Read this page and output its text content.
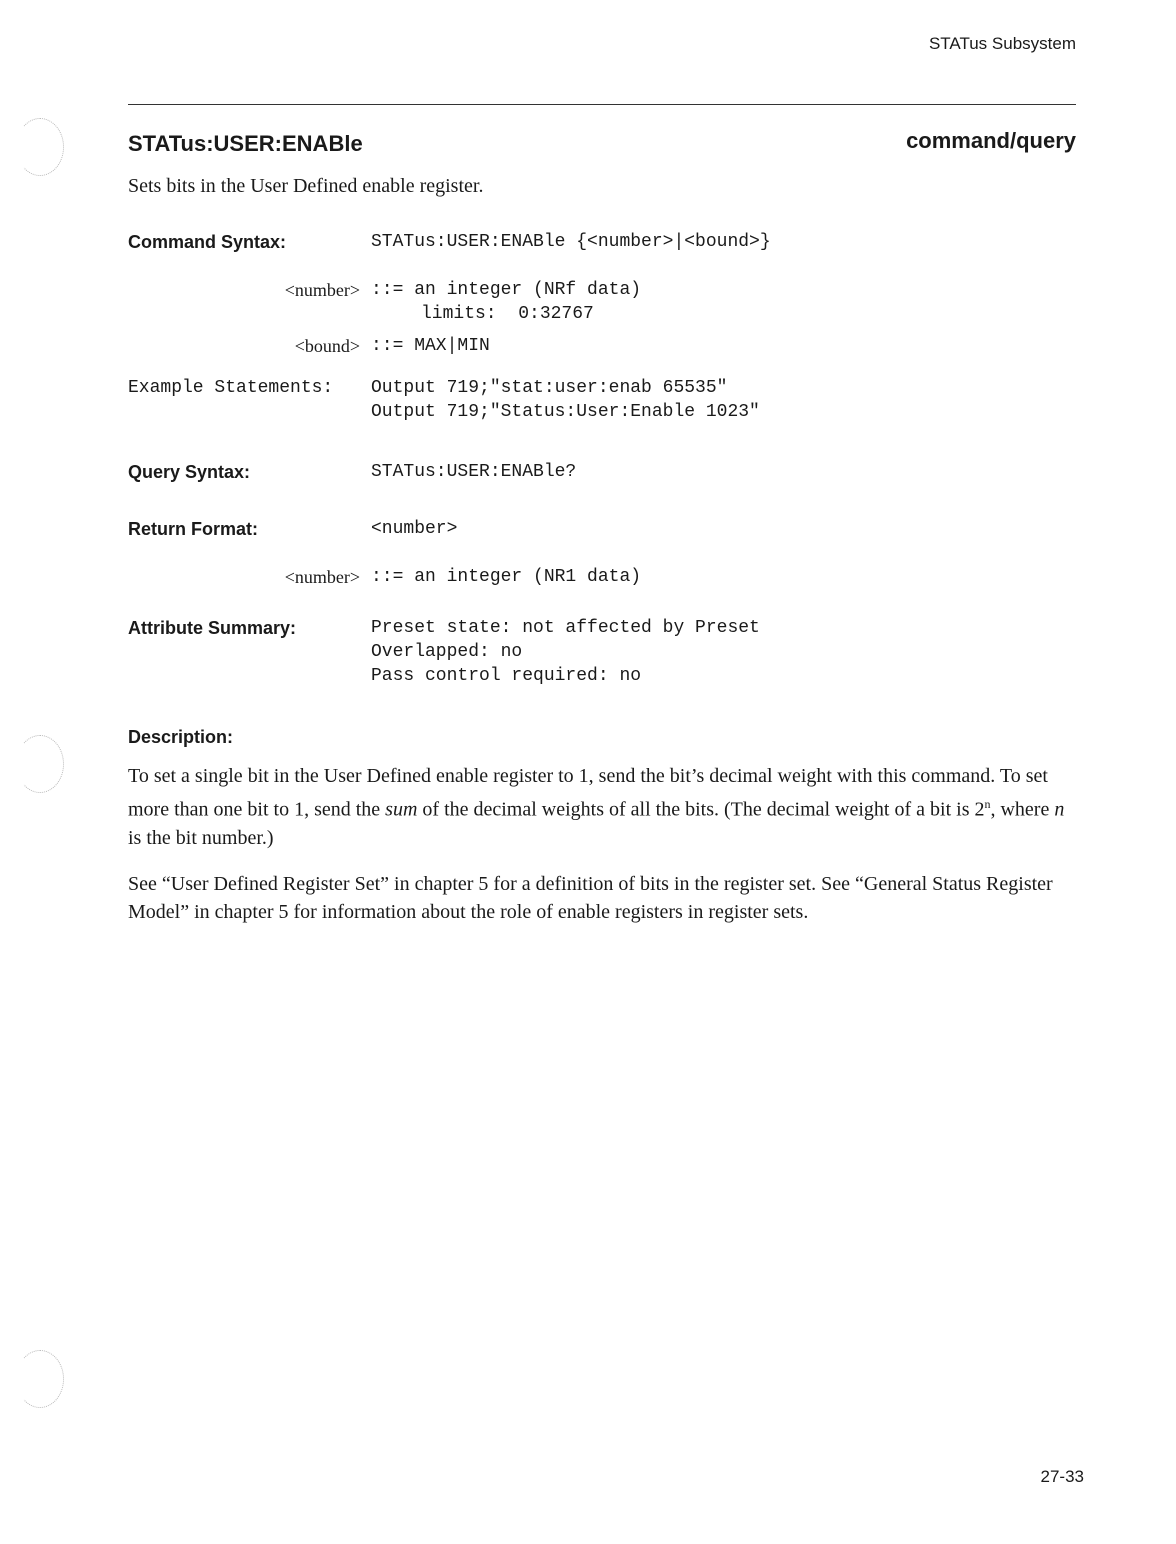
STATus Subsystem
STATus:USER:ENABle	command/query
Sets bits in the User Defined enable register.
Command Syntax:	STATus:USER:ENABle {<number>|<bound>}
<number> ::= an integer (NRf data)
limits:  0:32767
<bound> ::= MAX|MIN
Example Statements: Output 719;"stat:user:enab 65535"
Output 719;"Status:User:Enable 1023"
Query Syntax:	STATus:USER:ENABle?
Return Format:	<number>
<number> ::= an integer (NR1 data)
Attribute Summary:	Preset state: not affected by Preset
Overlapped: no
Pass control required: no
Description:
To set a single bit in the User Defined enable register to 1, send the bit’s decimal weight with this command. To set more than one bit to 1, send the sum of the decimal weights of all the bits. (The decimal weight of a bit is 2$^n$, where n is the bit number.)
See “User Defined Register Set” in chapter 5 for a definition of bits in the register set. See “General Status Register Model” in chapter 5 for information about the role of enable registers in register sets.
27-33
